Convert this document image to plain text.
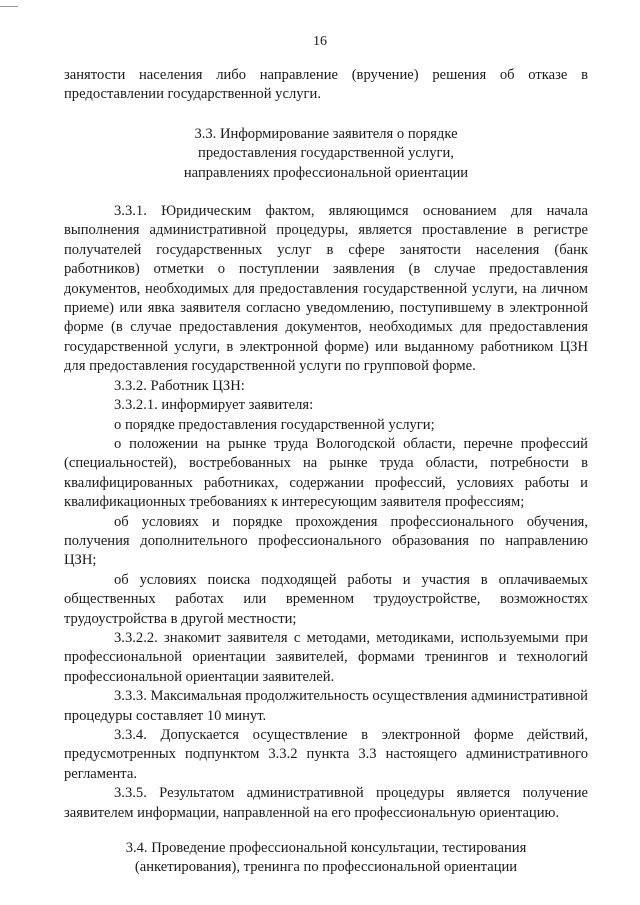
16

занятости населения либо направление (вручение) решения об отказе в предоставлении государственной услуги.

3.3. Информирование заявителя о порядке
предоставления государственной услуги,
направлениях профессиональной ориентации

3.3.1. Юридическим фактом, являющимся основанием для начала выполнения административной процедуры, является проставление в регистре получателей государственных услуг в сфере занятости населения (банк работников) отметки о поступлении заявления (в случае предоставления документов, необходимых для предоставления государственной услуги, на личном приеме) или явка заявителя согласно уведомлению, поступившему в электронной форме (в случае предоставления документов, необходимых для предоставления государственной услуги, в электронной форме) или выданному работником ЦЗН для предоставления государственной услуги по групповой форме.

3.3.2. Работник ЦЗН:

3.3.2.1. информирует заявителя:

о порядке предоставления государственной услуги;

о положении на рынке труда Вологодской области, перечне профессий (специальностей), востребованных на рынке труда области, потребности в квалифицированных работниках, содержании профессий, условиях работы и квалификационных требованиях к интересующим заявителя профессиям;

об условиях и порядке прохождения профессионального обучения, получения дополнительного профессионального образования по направлению ЦЗН;

об условиях поиска подходящей работы и участия в оплачиваемых общественных работах или временном трудоустройстве, возможностях трудоустройства в другой местности;

3.3.2.2. знакомит заявителя с методами, методиками, используемыми при профессиональной ориентации заявителей, формами тренингов и технологий профессиональной ориентации заявителей.

3.3.3. Максимальная продолжительность осуществления административной процедуры составляет 10 минут.

3.3.4. Допускается осуществление в электронной форме действий, предусмотренных подпунктом 3.3.2 пункта 3.3 настоящего административного регламента.

3.3.5. Результатом административной процедуры является получение заявителем информации, направленной на его профессиональную ориентацию.

3.4. Проведение профессиональной консультации, тестирования
(анкетирования), тренинга по профессиональной ориентации
